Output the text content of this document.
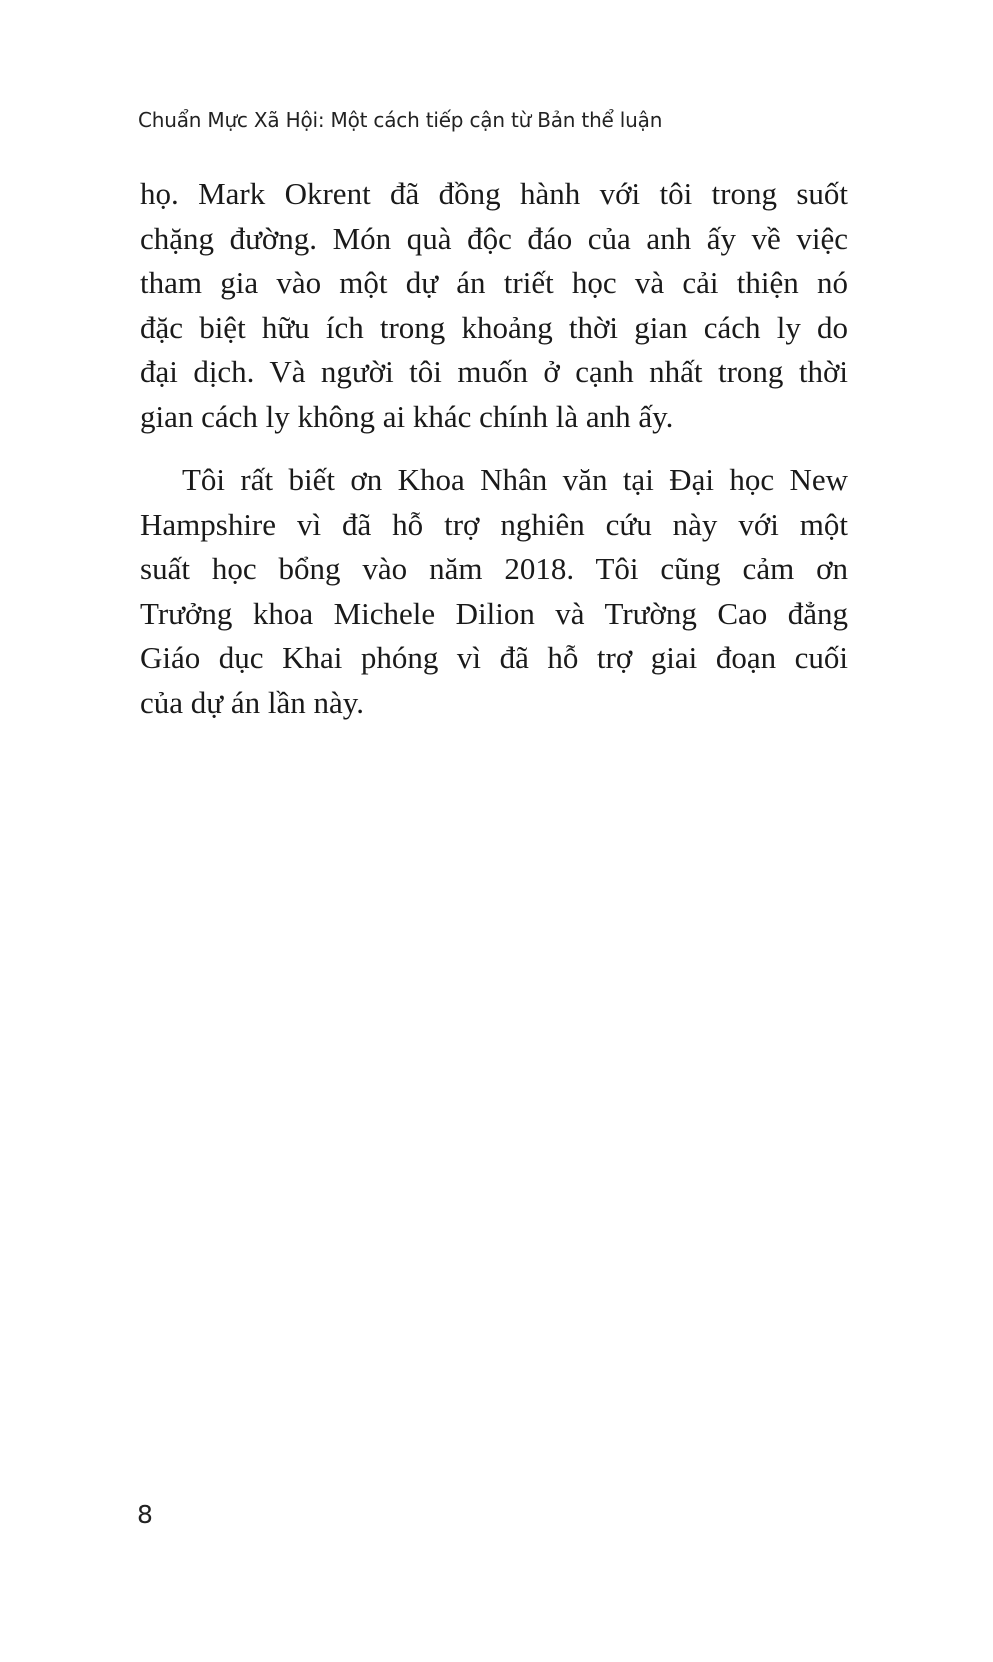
Chuẩn Mực Xã Hội: Một cách tiếp cận từ Bản thể luận
họ. Mark Okrent đã đồng hành với tôi trong suốt
chặng đường. Món quà độc đáo của anh ấy về việc
tham gia vào một dự án triết học và cải thiện nó
đặc biệt hữu ích trong khoảng thời gian cách ly do
đại dịch. Và người tôi muốn ở cạnh nhất trong thời
gian cách ly không ai khác chính là anh ấy.
Tôi rất biết ơn Khoa Nhân văn tại Đại học New
Hampshire vì đã hỗ trợ nghiên cứu này với một
suất học bổng vào năm 2018. Tôi cũng cảm ơn
Trưởng khoa Michele Dilion và Trường Cao đẳng
Giáo dục Khai phóng vì đã hỗ trợ giai đoạn cuối
của dự án lần này.
8
